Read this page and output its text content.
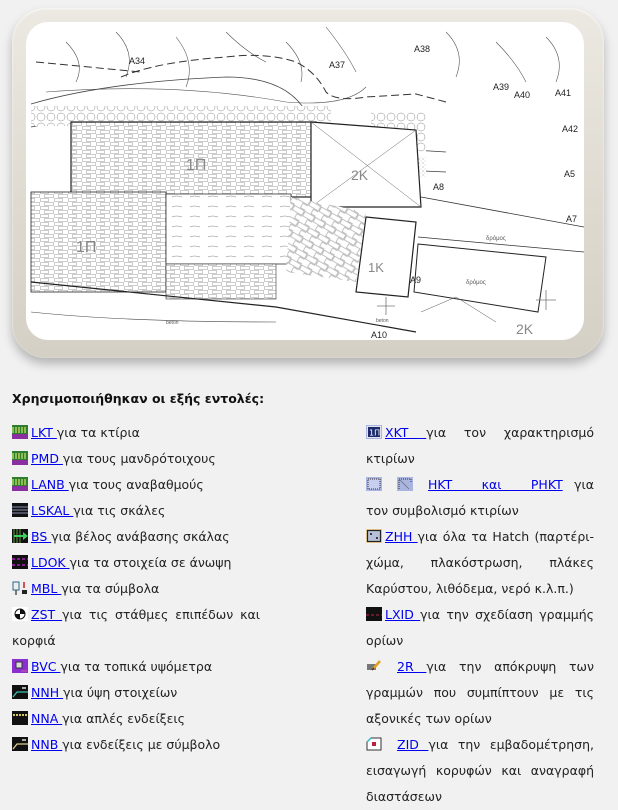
1Π
1Π
2K
1K
δρόμος
δρόμος
2K
beton	beton
A34	A37
A38
A39
A40	A41
A42
A5
A7
A8
A9
A10
Χρησιμοποιήθηκαν οι εξής εντολές:
LKT για τα κτίρια
PMD για τους μανδρότοιχους
LANB για τους αναβαθμούς
LSKAL για τις σκάλες
BS για βέλος ανάβασης σκάλας
LDOK για τα στοιχεία σε άνωψη
MBL για τα σύμβολα
ZST για τις στάθμες επιπέδων και κορφιά
BVC για τα τοπικά υψόμετρα
NNH για ύψη στοιχείων
NNA για απλές ενδείξεις
NNB για ενδείξεις με σύμβολο
1Π XKT για τον χαρακτηρισμό κτιρίων
HKT και PHKT για τον συμβολισμό κτιρίων
ZHH για όλα τα Hatch (παρτέρι-χώμα, πλακόστρωση, πλάκες Καρύστου, λιθόδεμα, νερό κ.λ.π.)
LXID για την σχεδίαση γραμμής ορίων
2R για την απόκρυψη των γραμμών που συμπίπτουν με τις αξονικές των ορίων
ZID για την εμβαδομέτρηση, εισαγωγή κορυφών και αναγραφή διαστάσεων
